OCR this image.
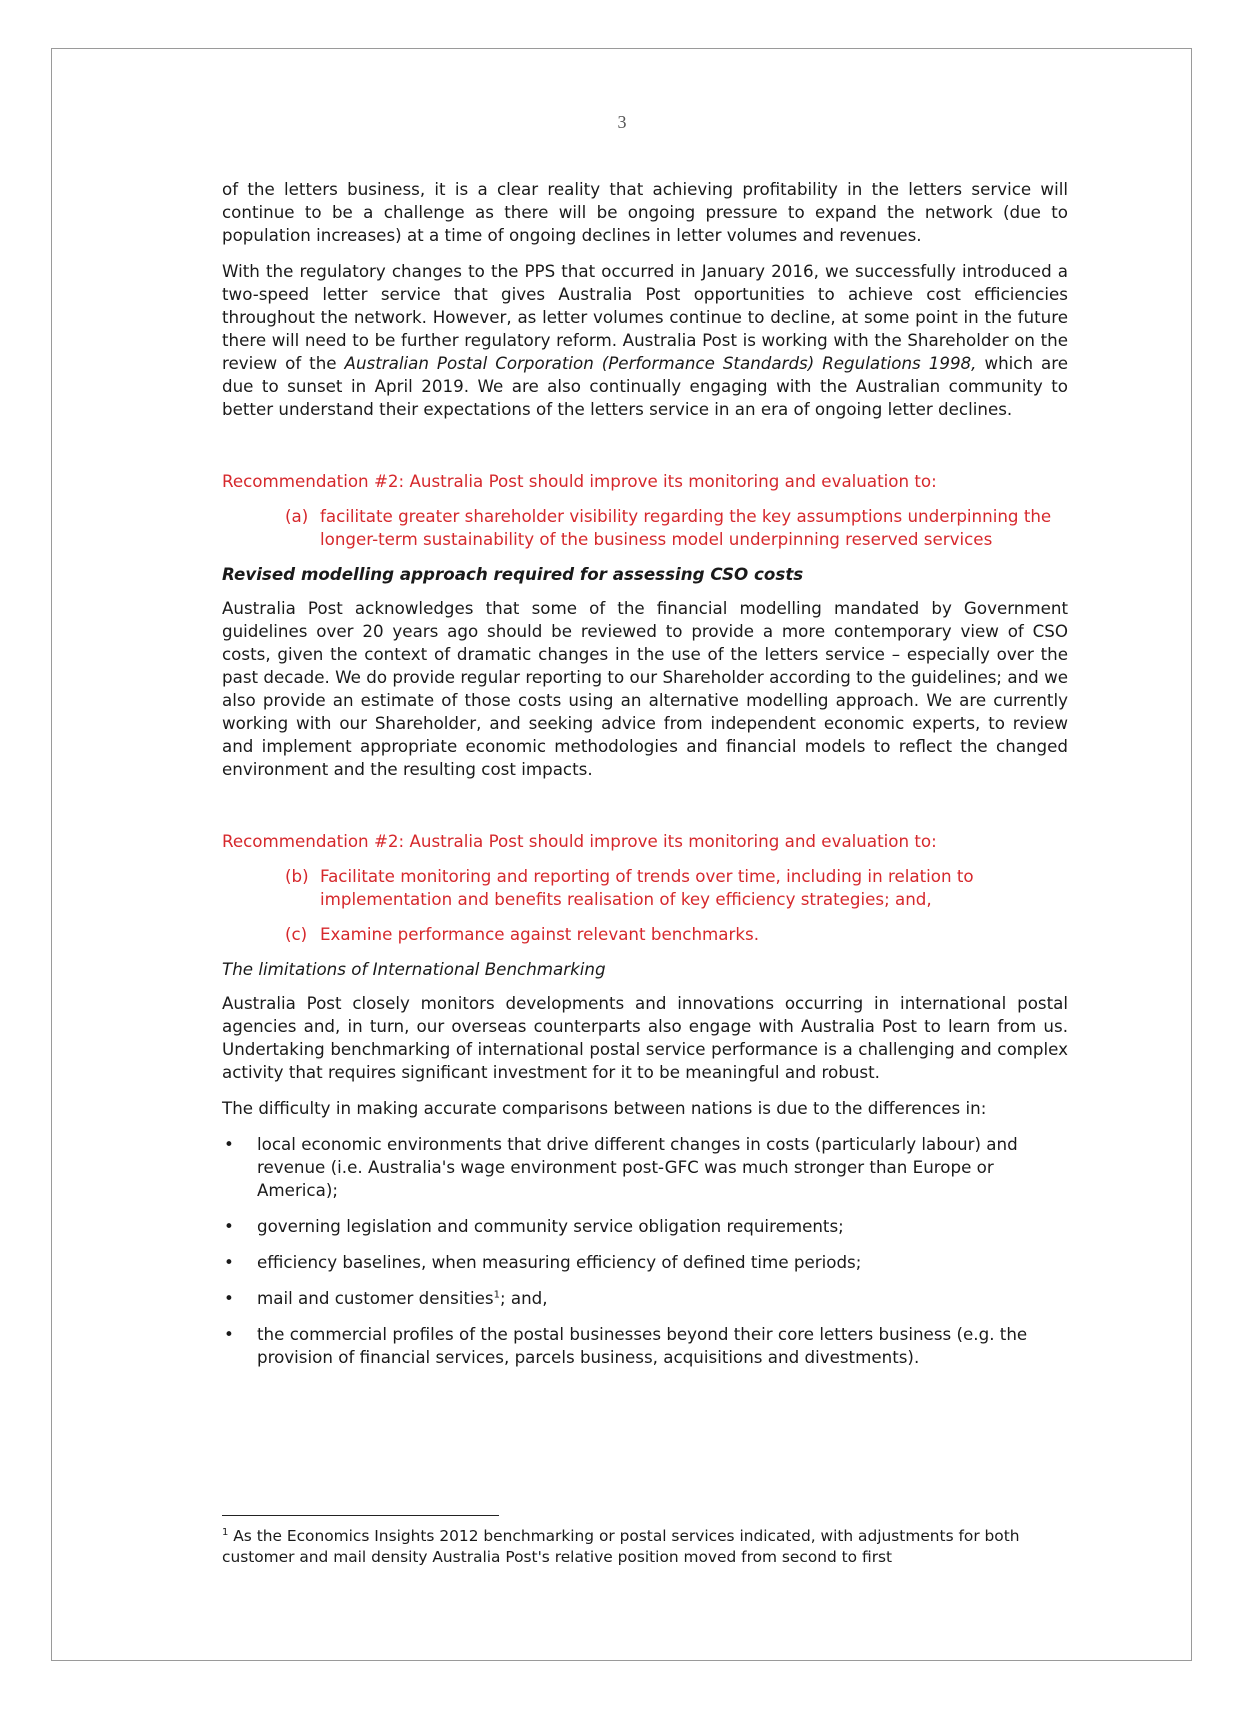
3

of the letters business, it is a clear reality that achieving profitability in the letters service will continue to be a challenge as there will be ongoing pressure to expand the network (due to population increases) at a time of ongoing declines in letter volumes and revenues.

With the regulatory changes to the PPS that occurred in January 2016, we successfully introduced a two-speed letter service that gives Australia Post opportunities to achieve cost efficiencies throughout the network. However, as letter volumes continue to decline, at some point in the future there will need to be further regulatory reform. Australia Post is working with the Shareholder on the review of the Australian Postal Corporation (Performance Standards) Regulations 1998, which are due to sunset in April 2019. We are also continually engaging with the Australian community to better understand their expectations of the letters service in an era of ongoing letter declines.

Recommendation #2: Australia Post should improve its monitoring and evaluation to:

(a) facilitate greater shareholder visibility regarding the key assumptions underpinning the longer-term sustainability of the business model underpinning reserved services

Revised modelling approach required for assessing CSO costs

Australia Post acknowledges that some of the financial modelling mandated by Government guidelines over 20 years ago should be reviewed to provide a more contemporary view of CSO costs, given the context of dramatic changes in the use of the letters service – especially over the past decade. We do provide regular reporting to our Shareholder according to the guidelines; and we also provide an estimate of those costs using an alternative modelling approach. We are currently working with our Shareholder, and seeking advice from independent economic experts, to review and implement appropriate economic methodologies and financial models to reflect the changed environment and the resulting cost impacts.

Recommendation #2: Australia Post should improve its monitoring and evaluation to:

(b) Facilitate monitoring and reporting of trends over time, including in relation to implementation and benefits realisation of key efficiency strategies; and,
(c) Examine performance against relevant benchmarks.

The limitations of International Benchmarking

Australia Post closely monitors developments and innovations occurring in international postal agencies and, in turn, our overseas counterparts also engage with Australia Post to learn from us. Undertaking benchmarking of international postal service performance is a challenging and complex activity that requires significant investment for it to be meaningful and robust.

The difficulty in making accurate comparisons between nations is due to the differences in:

•	local economic environments that drive different changes in costs (particularly labour) and revenue (i.e. Australia's wage environment post-GFC was much stronger than Europe or America);
•	governing legislation and community service obligation requirements;
•	efficiency baselines, when measuring efficiency of defined time periods;
•	mail and customer densities$^1$; and,
•	the commercial profiles of the postal businesses beyond their core letters business (e.g. the provision of financial services, parcels business, acquisitions and divestments).
$^1$ As the Economics Insights 2012 benchmarking or postal services indicated, with adjustments for both customer and mail density Australia Post's relative position moved from second to first
